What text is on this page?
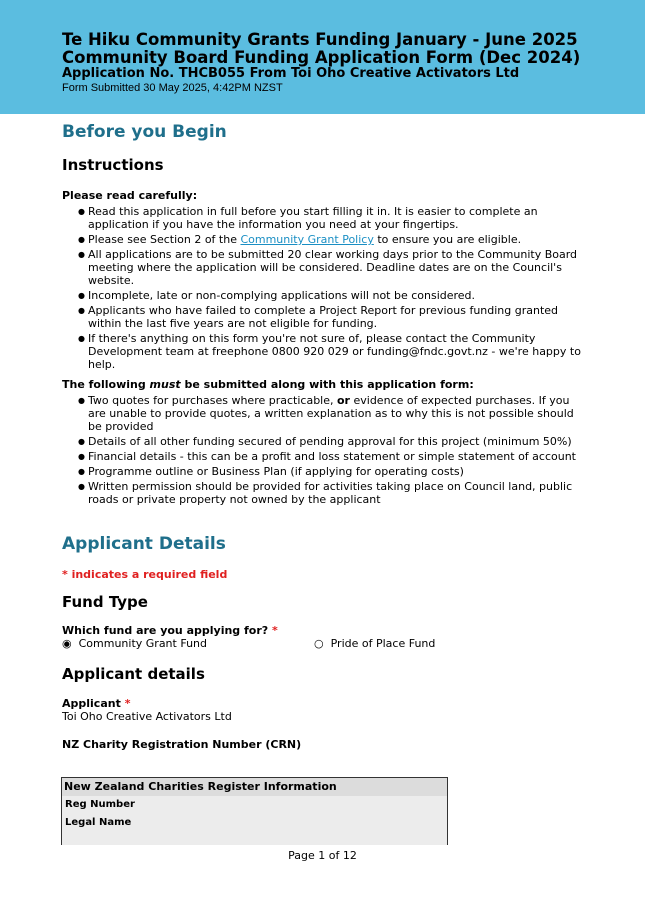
Te Hiku Community Grants Funding January - June 2025
Community Board Funding Application Form (Dec 2024)
Application No. THCB055 From Toi Oho Creative Activators Ltd
Form Submitted 30 May 2025, 4:42PM NZST
Before you Begin
Instructions

Please read carefully:

● Read this application in full before you start filling it in. It is easier to complete an application if you have the information you need at your fingertips.
● Please see Section 2 of the Community Grant Policy to ensure you are eligible.
● All applications are to be submitted 20 clear working days prior to the Community Board meeting where the application will be considered. Deadline dates are on the Council's website.
● Incomplete, late or non-complying applications will not be considered.
● Applicants who have failed to complete a Project Report for previous funding granted within the last five years are not eligible for funding.
● If there's anything on this form you're not sure of, please contact the Community Development team at freephone 0800 920 029 or funding@fndc.govt.nz - we're happy to help.

The following must be submitted along with this application form:

● Two quotes for purchases where practicable, or evidence of expected purchases. If you are unable to provide quotes, a written explanation as to why this is not possible should be provided
● Details of all other funding secured of pending approval for this project (minimum 50%)
● Financial details - this can be a profit and loss statement or simple statement of account
● Programme outline or Business Plan (if applying for operating costs)
● Written permission should be provided for activities taking place on Council land, public roads or private property not owned by the applicant
Applicant Details

* indicates a required field

Fund Type

Which fund are you applying for? *

◉ Community Grant Fund	○ Pride of Place Fund
Applicant details

Applicant *

Toi Oho Creative Activators Ltd

NZ Charity Registration Number (CRN)

New Zealand Charities Register Information
Reg Number
Legal Name
Page 1 of 12
